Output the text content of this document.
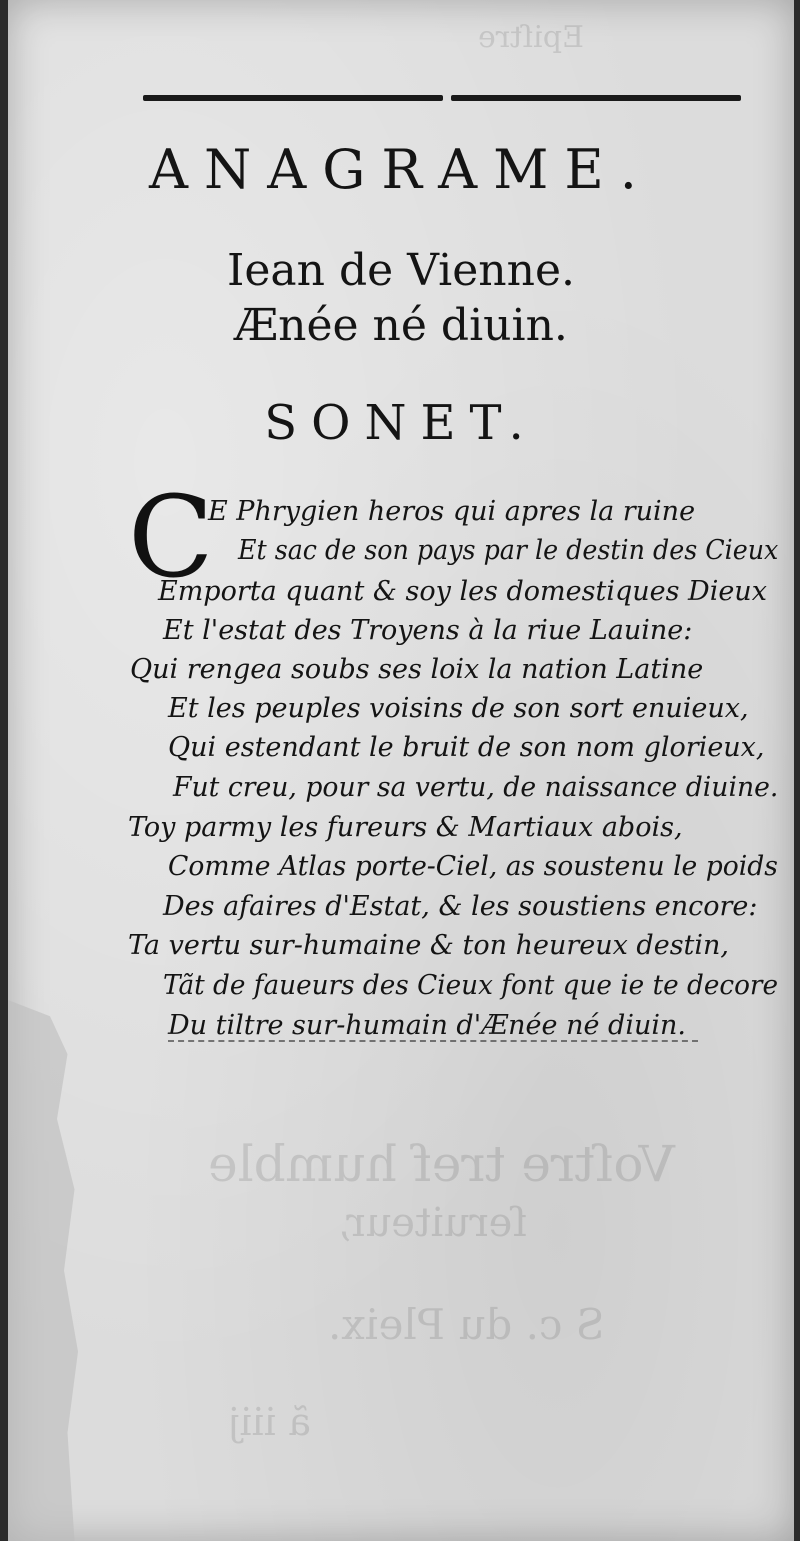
Voſtre tref humble
ſeruiteur,
S c. du Pleix.
ã iiij
Epiſtre
ANAGRAME.
Iean de Vienne.
Ænée né diuin.
SONET.
C
E Phrygien heros qui apres la ruine
Et sac de son pays par le destin des Cieux
Emporta quant & soy les domestiques Dieux
Et l'estat des Troyens à la riue Lauine:
Qui rengea soubs ses loix la nation Latine
Et les peuples voisins de son sort enuieux,
Qui estendant le bruit de son nom glorieux,
Fut creu, pour sa vertu, de naissance diuine.
Toy parmy les fureurs & Martiaux abois,
Comme Atlas porte-Ciel, as soustenu le poids
Des afaires d'Estat, & les soustiens encore:
Ta vertu sur-humaine & ton heureux destin,
Tãt de faueurs des Cieux font que ie te decore
Du tiltre sur-humain d'Ænée né diuin.
